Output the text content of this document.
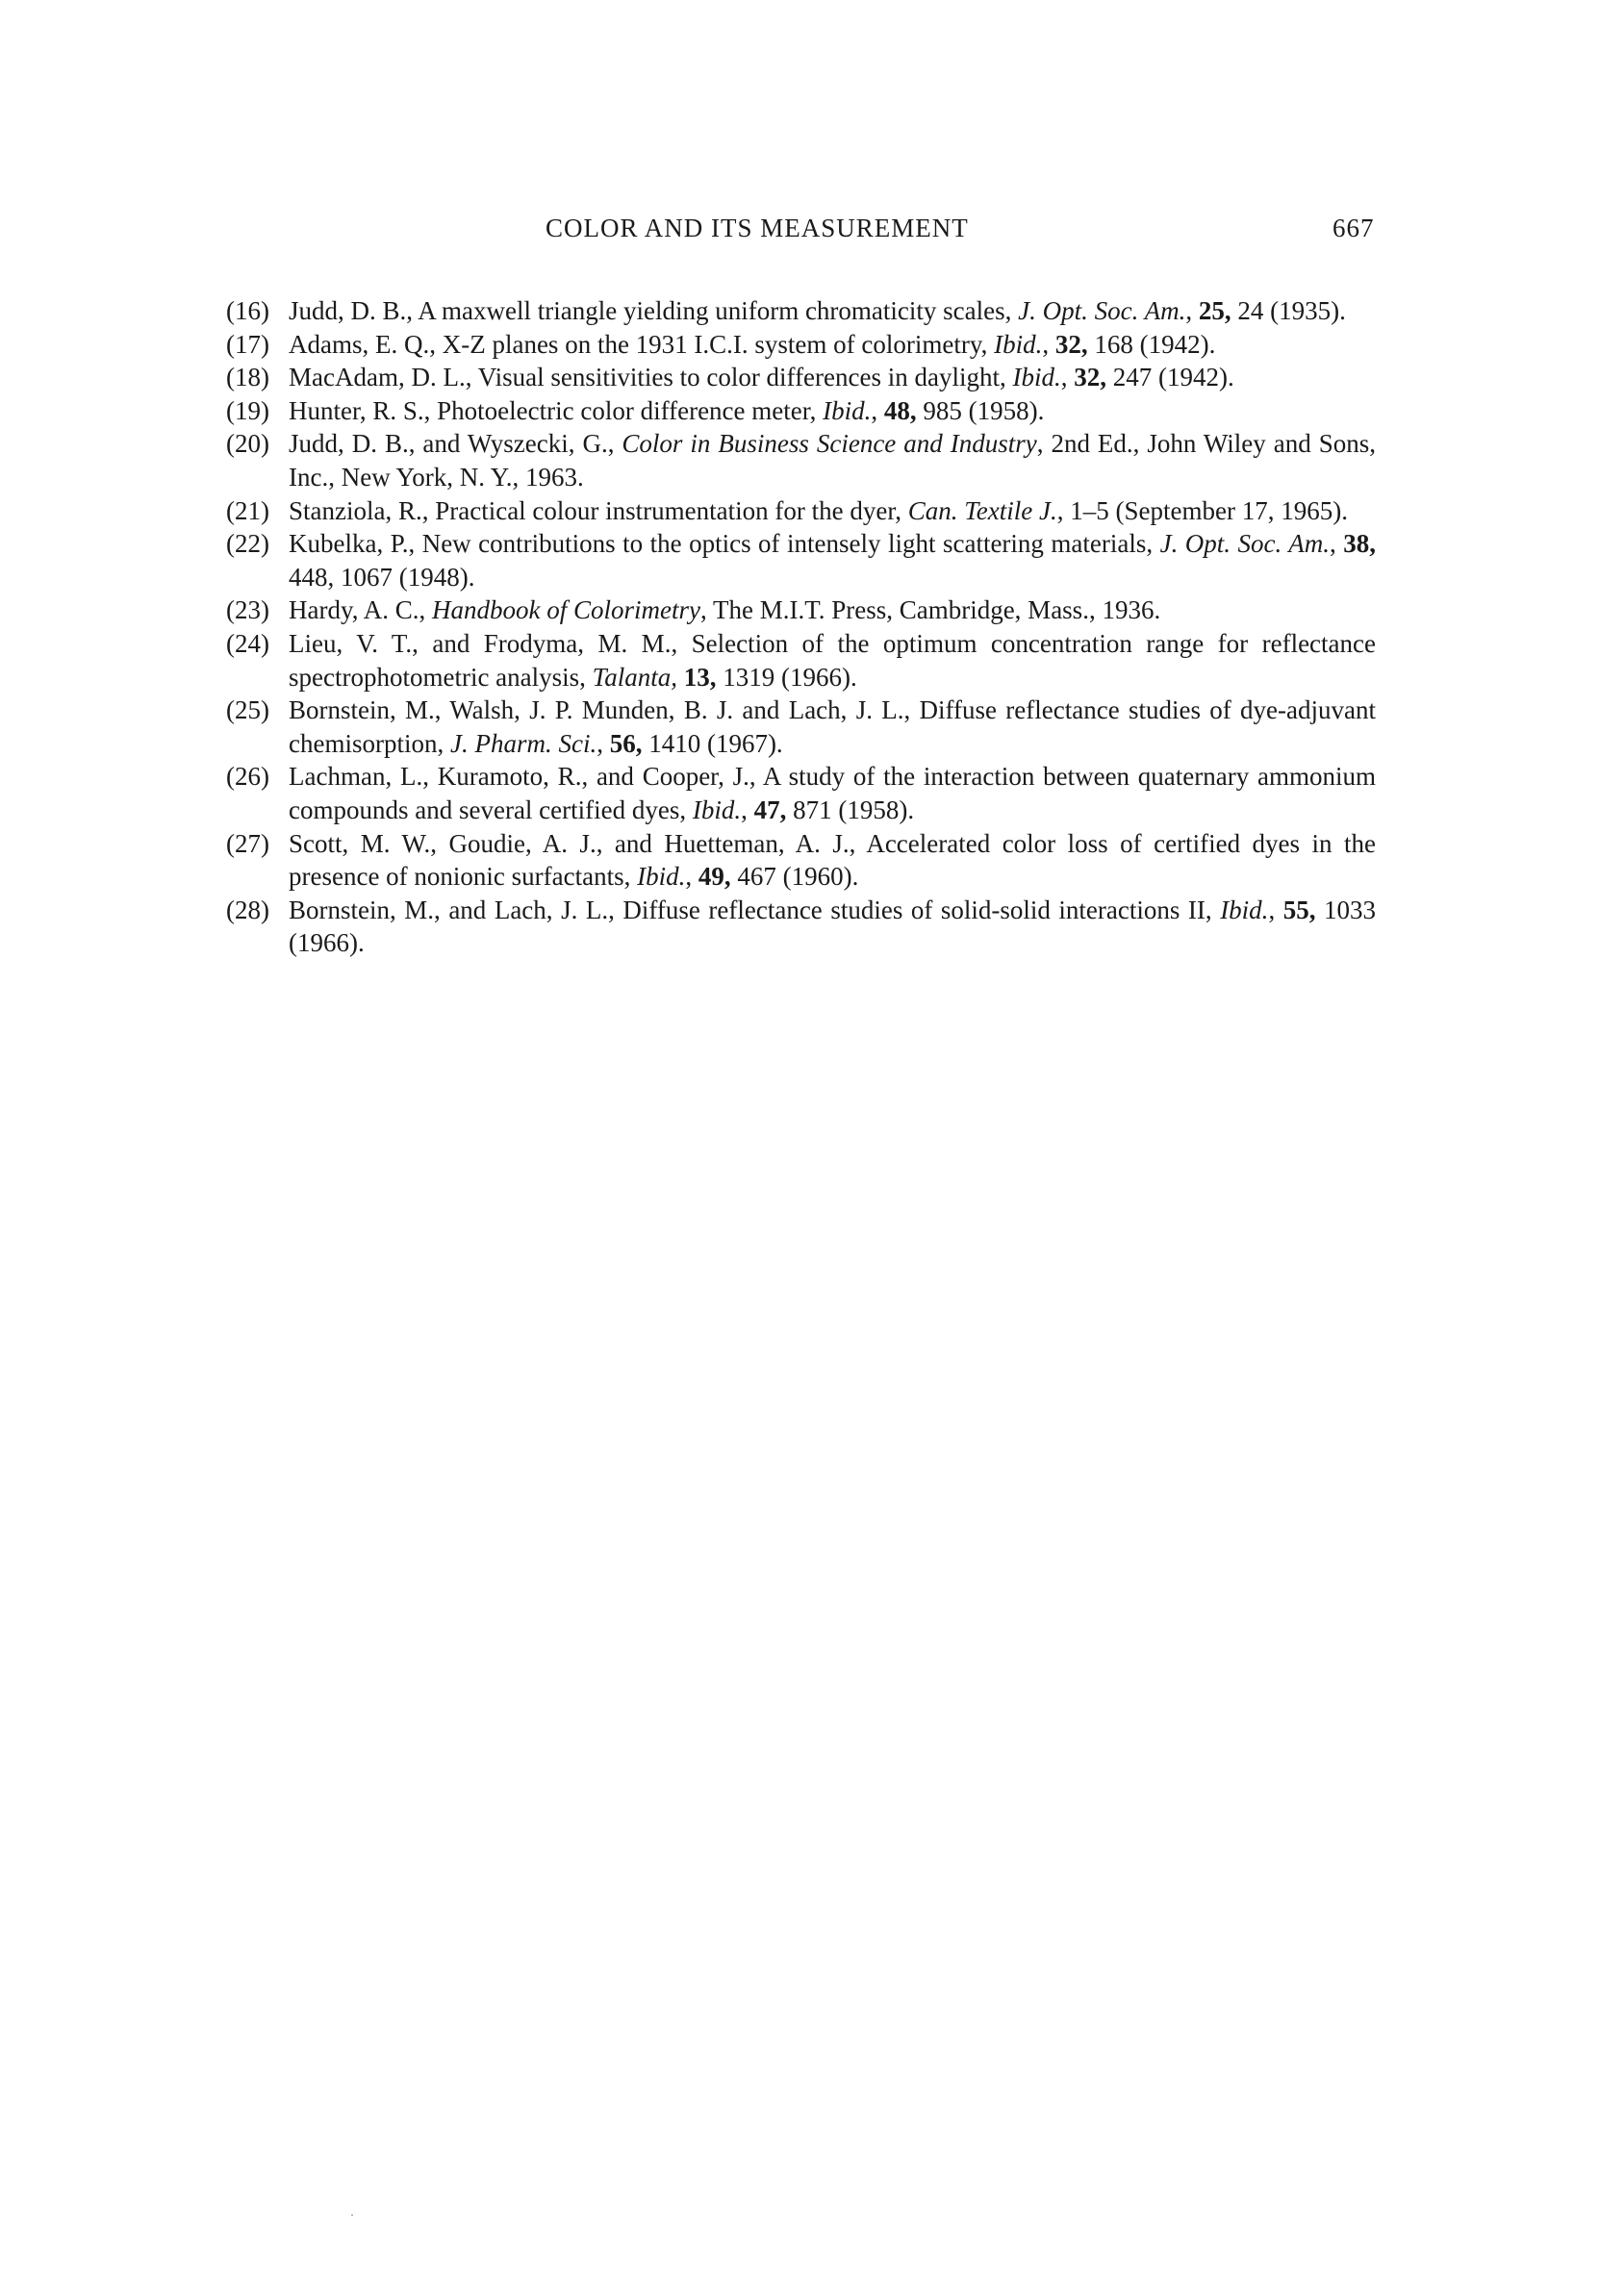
COLOR AND ITS MEASUREMENT	667
(16) Judd, D. B., A maxwell triangle yielding uniform chromaticity scales, J. Opt. Soc. Am., 25, 24 (1935).
(17) Adams, E. Q., X-Z planes on the 1931 I.C.I. system of colorimetry, Ibid., 32, 168 (1942).
(18) MacAdam, D. L., Visual sensitivities to color differences in daylight, Ibid., 32, 247 (1942).
(19) Hunter, R. S., Photoelectric color difference meter, Ibid., 48, 985 (1958).
(20) Judd, D. B., and Wyszecki, G., Color in Business Science and Industry, 2nd Ed., John Wiley and Sons, Inc., New York, N. Y., 1963.
(21) Stanziola, R., Practical colour instrumentation for the dyer, Can. Textile J., 1–5 (September 17, 1965).
(22) Kubelka, P., New contributions to the optics of intensely light scattering materials, J. Opt. Soc. Am., 38, 448, 1067 (1948).
(23) Hardy, A. C., Handbook of Colorimetry, The M.I.T. Press, Cambridge, Mass., 1936.
(24) Lieu, V. T., and Frodyma, M. M., Selection of the optimum concentration range for reflectance spectrophotometric analysis, Talanta, 13, 1319 (1966).
(25) Bornstein, M., Walsh, J. P. Munden, B. J. and Lach, J. L., Diffuse reflectance studies of dye-adjuvant chemisorption, J. Pharm. Sci., 56, 1410 (1967).
(26) Lachman, L., Kuramoto, R., and Cooper, J., A study of the interaction between quaternary ammonium compounds and several certified dyes, Ibid., 47, 871 (1958).
(27) Scott, M. W., Goudie, A. J., and Huetteman, A. J., Accelerated color loss of certified dyes in the presence of nonionic surfactants, Ibid., 49, 467 (1960).
(28) Bornstein, M., and Lach, J. L., Diffuse reflectance studies of solid-solid interactions II, Ibid., 55, 1033 (1966).
